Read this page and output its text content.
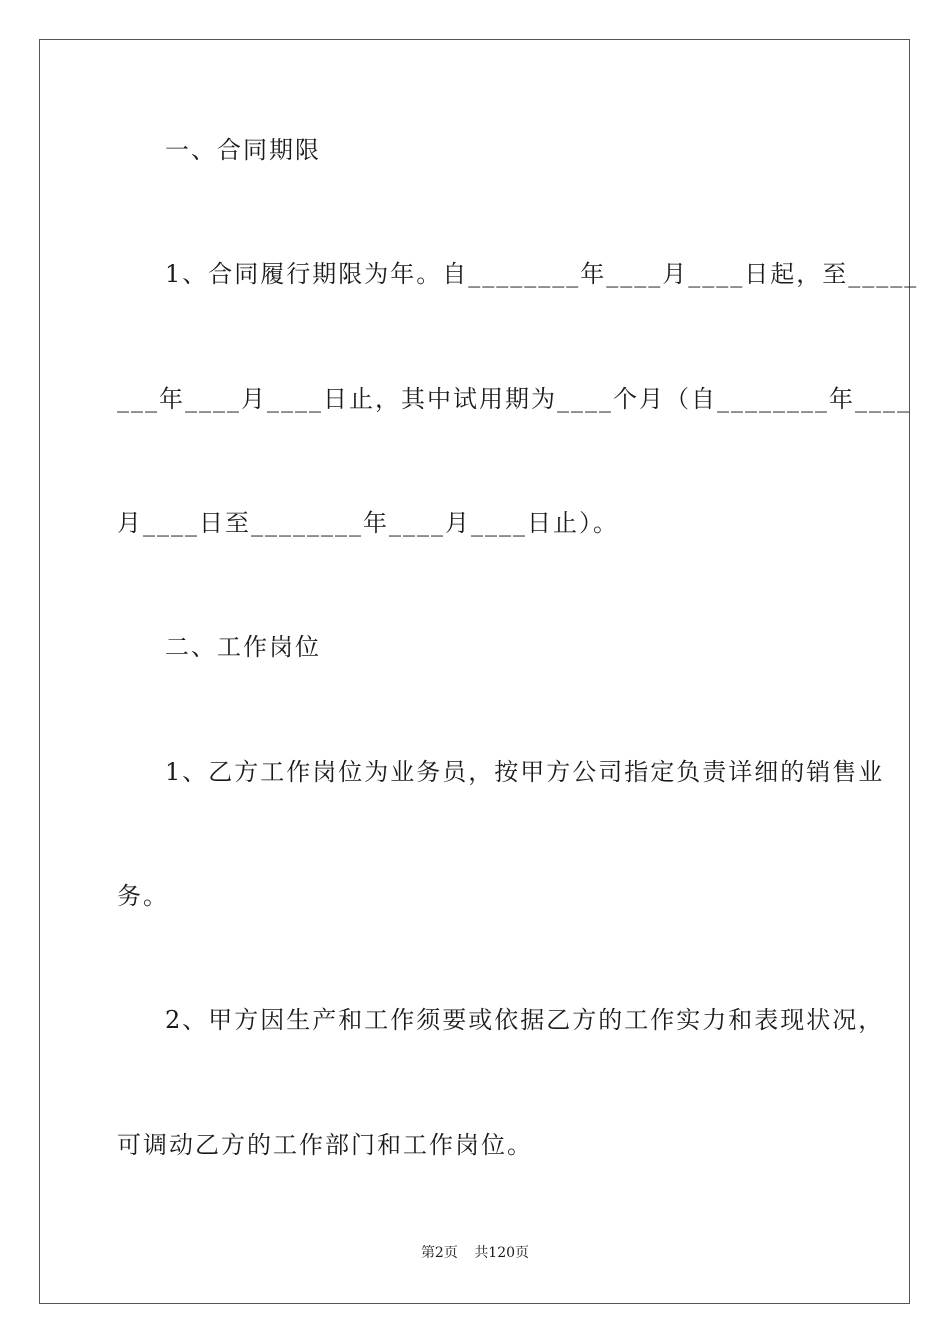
一、合同期限
1、合同履行期限为年。自________年____月____日起，至_____
___年____月____日止，其中试用期为____个月（自________年____
月____日至________年____月____日止）。
二、工作岗位
1、乙方工作岗位为业务员，按甲方公司指定负责详细的销售业
务。
2、甲方因生产和工作须要或依据乙方的工作实力和表现状况，
可调动乙方的工作部门和工作岗位。
第2页 共120页
